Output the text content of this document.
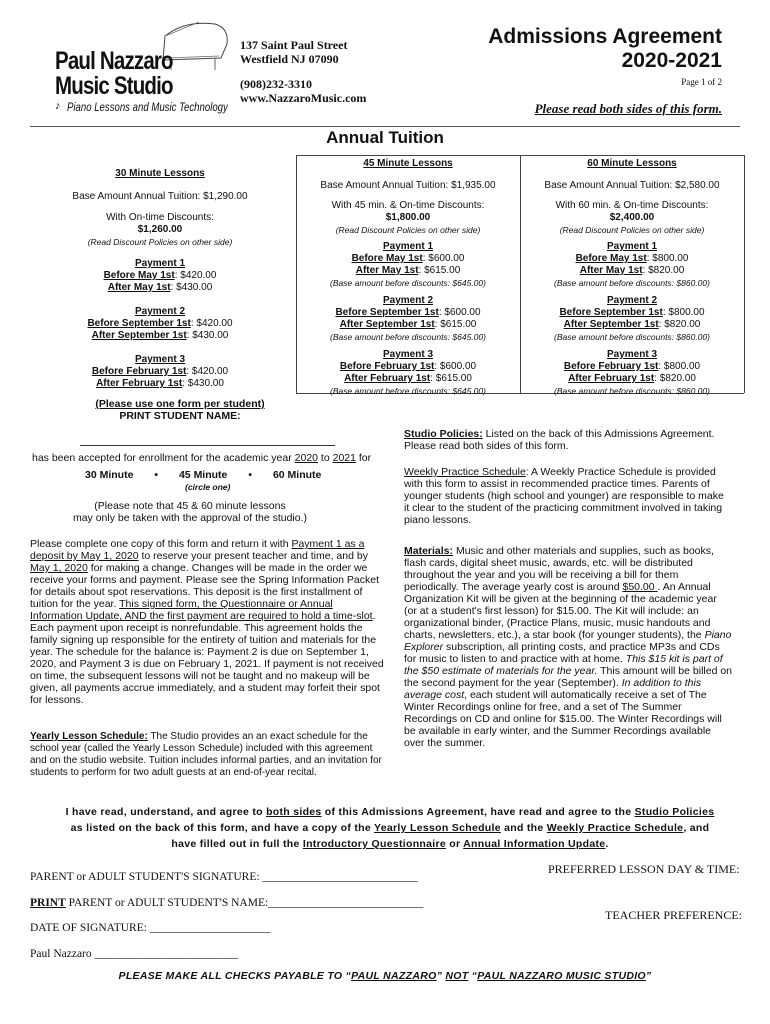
Paul Nazzaro
Music Studio
♪ Piano Lessons and Music Technology
137 Saint Paul Street
Westfield NJ 07090
(908)232-3310
www.NazzaroMusic.com
Admissions Agreement
2020-2021
Page 1 of 2
Please read both sides of this form.
Annual Tuition
30 Minute Lessons
Base Amount Annual Tuition: $1,290.00
With On-time Discounts:
$1,260.00
(Read Discount Policies on other side)
Payment 1
Before May 1st: $420.00
After May 1st: $430.00
Payment 2
Before September 1st: $420.00
After September 1st: $430.00
Payment 3
Before February 1st: $420.00
After February 1st: $430.00
45 Minute Lessons
Base Amount Annual Tuition: $1,935.00
With 45 min. & On-time Discounts:
$1,800.00
(Read Discount Policies on other side)
Payment 1
Before May 1st: $600.00
After May 1st: $615.00
(Base amount before discounts: $645.00)
Payment 2
Before September 1st: $600.00
After September 1st: $615.00
(Base amount before discounts: $645.00)
Payment 3
Before February 1st: $600.00
After February 1st: $615.00
(Base amount before discounts: $645.00)
60 Minute Lessons
Base Amount Annual Tuition: $2,580.00
With 60 min. & On-time Discounts:
$2,400.00
(Read Discount Policies on other side)
Payment 1
Before May 1st: $800.00
After May 1st: $820.00
(Base amount before discounts: $860.00)
Payment 2
Before September 1st: $800.00
After September 1st: $820.00
(Base amount before discounts: $860.00)
Payment 3
Before February 1st: $800.00
After February 1st: $820.00
(Base amount before discounts: $860.00)
(Please use one form per student)
PRINT STUDENT NAME:
has been accepted for enrollment for the academic year 2020 to 2021 for
30 Minute • 45 Minute • 60 Minute
(circle one)
(Please note that 45 & 60 minute lessons
may only be taken with the approval of the studio.)
Please complete one copy of this form and return it with Payment 1 as a deposit by May 1, 2020 to reserve your present teacher and time, and by May 1, 2020 for making a change. Changes will be made in the order we receive your forms and payment. Please see the Spring Information Packet for details about spot reservations. This deposit is the first installment of tuition for the year. This signed form, the Questionnaire or Annual Information Update, AND the first payment are required to hold a time-slot. Each payment upon receipt is nonrefundable. This agreement holds the family signing up responsible for the entirety of tuition and materials for the year. The schedule for the balance is: Payment 2 is due on September 1, 2020, and Payment 3 is due on February 1, 2021. If payment is not received on time, the subsequent lessons will not be taught and no makeup will be given, all payments accrue immediately, and a student may forfeit their spot for lessons.
Yearly Lesson Schedule: The Studio provides an an exact schedule for the school year (called the Yearly Lesson Schedule) included with this agreement and on the studio website. Tuition includes informal parties, and an invitation for students to perform for two adult guests at an end-of-year recital.
Studio Policies: Listed on the back of this Admissions Agreement. Please read both sides of this form.
Weekly Practice Schedule: A Weekly Practice Schedule is provided with this form to assist in recommended practice times. Parents of younger students (high school and younger) are responsible to make it clear to the student of the practicing commitment involved in taking piano lessons.
Materials: Music and other materials and supplies, such as books, flash cards, digital sheet music, awards, etc. will be distributed throughout the year and you will be receiving a bill for them periodically. The average yearly cost is around $50.00 . An Annual Organization Kit will be given at the beginning of the academic year (or at a student's first lesson) for $15.00. The Kit will include: an organizational binder, (Practice Plans, music, music handouts and charts, newsletters, etc.), a star book (for younger students), the Piano Explorer subscription, all printing costs, and practice MP3s and CDs for music to listen to and practice with at home. This $15 kit is part of the $50 estimate of materials for the year. This amount will be billed on the second payment for the year (September). In addition to this average cost, each student will automatically receive a set of The Winter Recordings online for free, and a set of The Summer Recordings on CD and online for $15.00. The Winter Recordings will be available in early winter, and the Summer Recordings available over the summer.
I have read, understand, and agree to both sides of this Admissions Agreement, have read and agree to the Studio Policies as listed on the back of this form, and have a copy of the Yearly Lesson Schedule and the Weekly Practice Schedule, and have filled out in full the Introductory Questionnaire or Annual Information Update.
PARENT or ADULT STUDENT'S SIGNATURE: ___________________________
PRINT PARENT or ADULT STUDENT'S NAME:___________________________
DATE OF SIGNATURE: _____________________
Paul Nazzaro _________________________
PREFERRED LESSON DAY & TIME:
TEACHER PREFERENCE:
PLEASE MAKE ALL CHECKS PAYABLE TO “PAUL NAZZARO” NOT “PAUL NAZZARO MUSIC STUDIO”
